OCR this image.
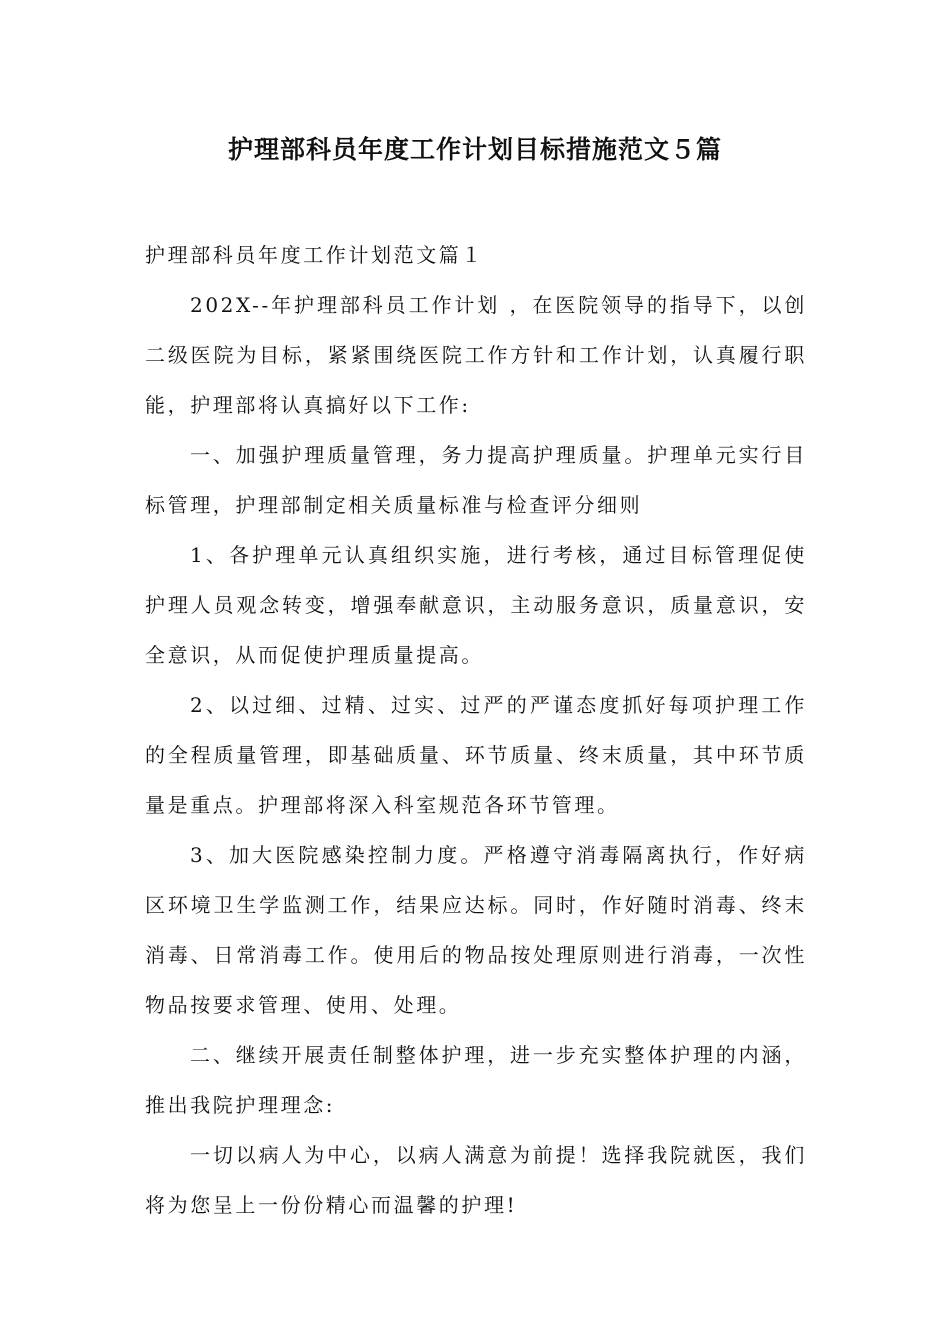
护理部科员年度工作计划目标措施范文５篇

护理部科员年度工作计划范文篇１

202X--年护理部科员工作计划 ，在医院领导的指导下，以创二级医院为目标，紧紧围绕医院工作方针和工作计划，认真履行职能，护理部将认真搞好以下工作:

一、加强护理质量管理，务力提高护理质量。护理单元实行目标管理，护理部制定相关质量标准与检查评分细则

1、各护理单元认真组织实施，进行考核，通过目标管理促使护理人员观念转变，增强奉献意识，主动服务意识，质量意识，安全意识，从而促使护理质量提高。

2、以过细、过精、过实、过严的严谨态度抓好每项护理工作的全程质量管理，即基础质量、环节质量、终末质量，其中环节质量是重点。护理部将深入科室规范各环节管理。

3、加大医院感染控制力度。严格遵守消毒隔离执行，作好病区环境卫生学监测工作，结果应达标。同时，作好随时消毒、终末消毒、日常消毒工作。使用后的物品按处理原则进行消毒，一次性物品按要求管理、使用、处理。

二、继续开展责任制整体护理，进一步充实整体护理的内涵，推出我院护理理念:

一切以病人为中心，以病人满意为前提！选择我院就医，我们将为您呈上一份份精心而温馨的护理!
